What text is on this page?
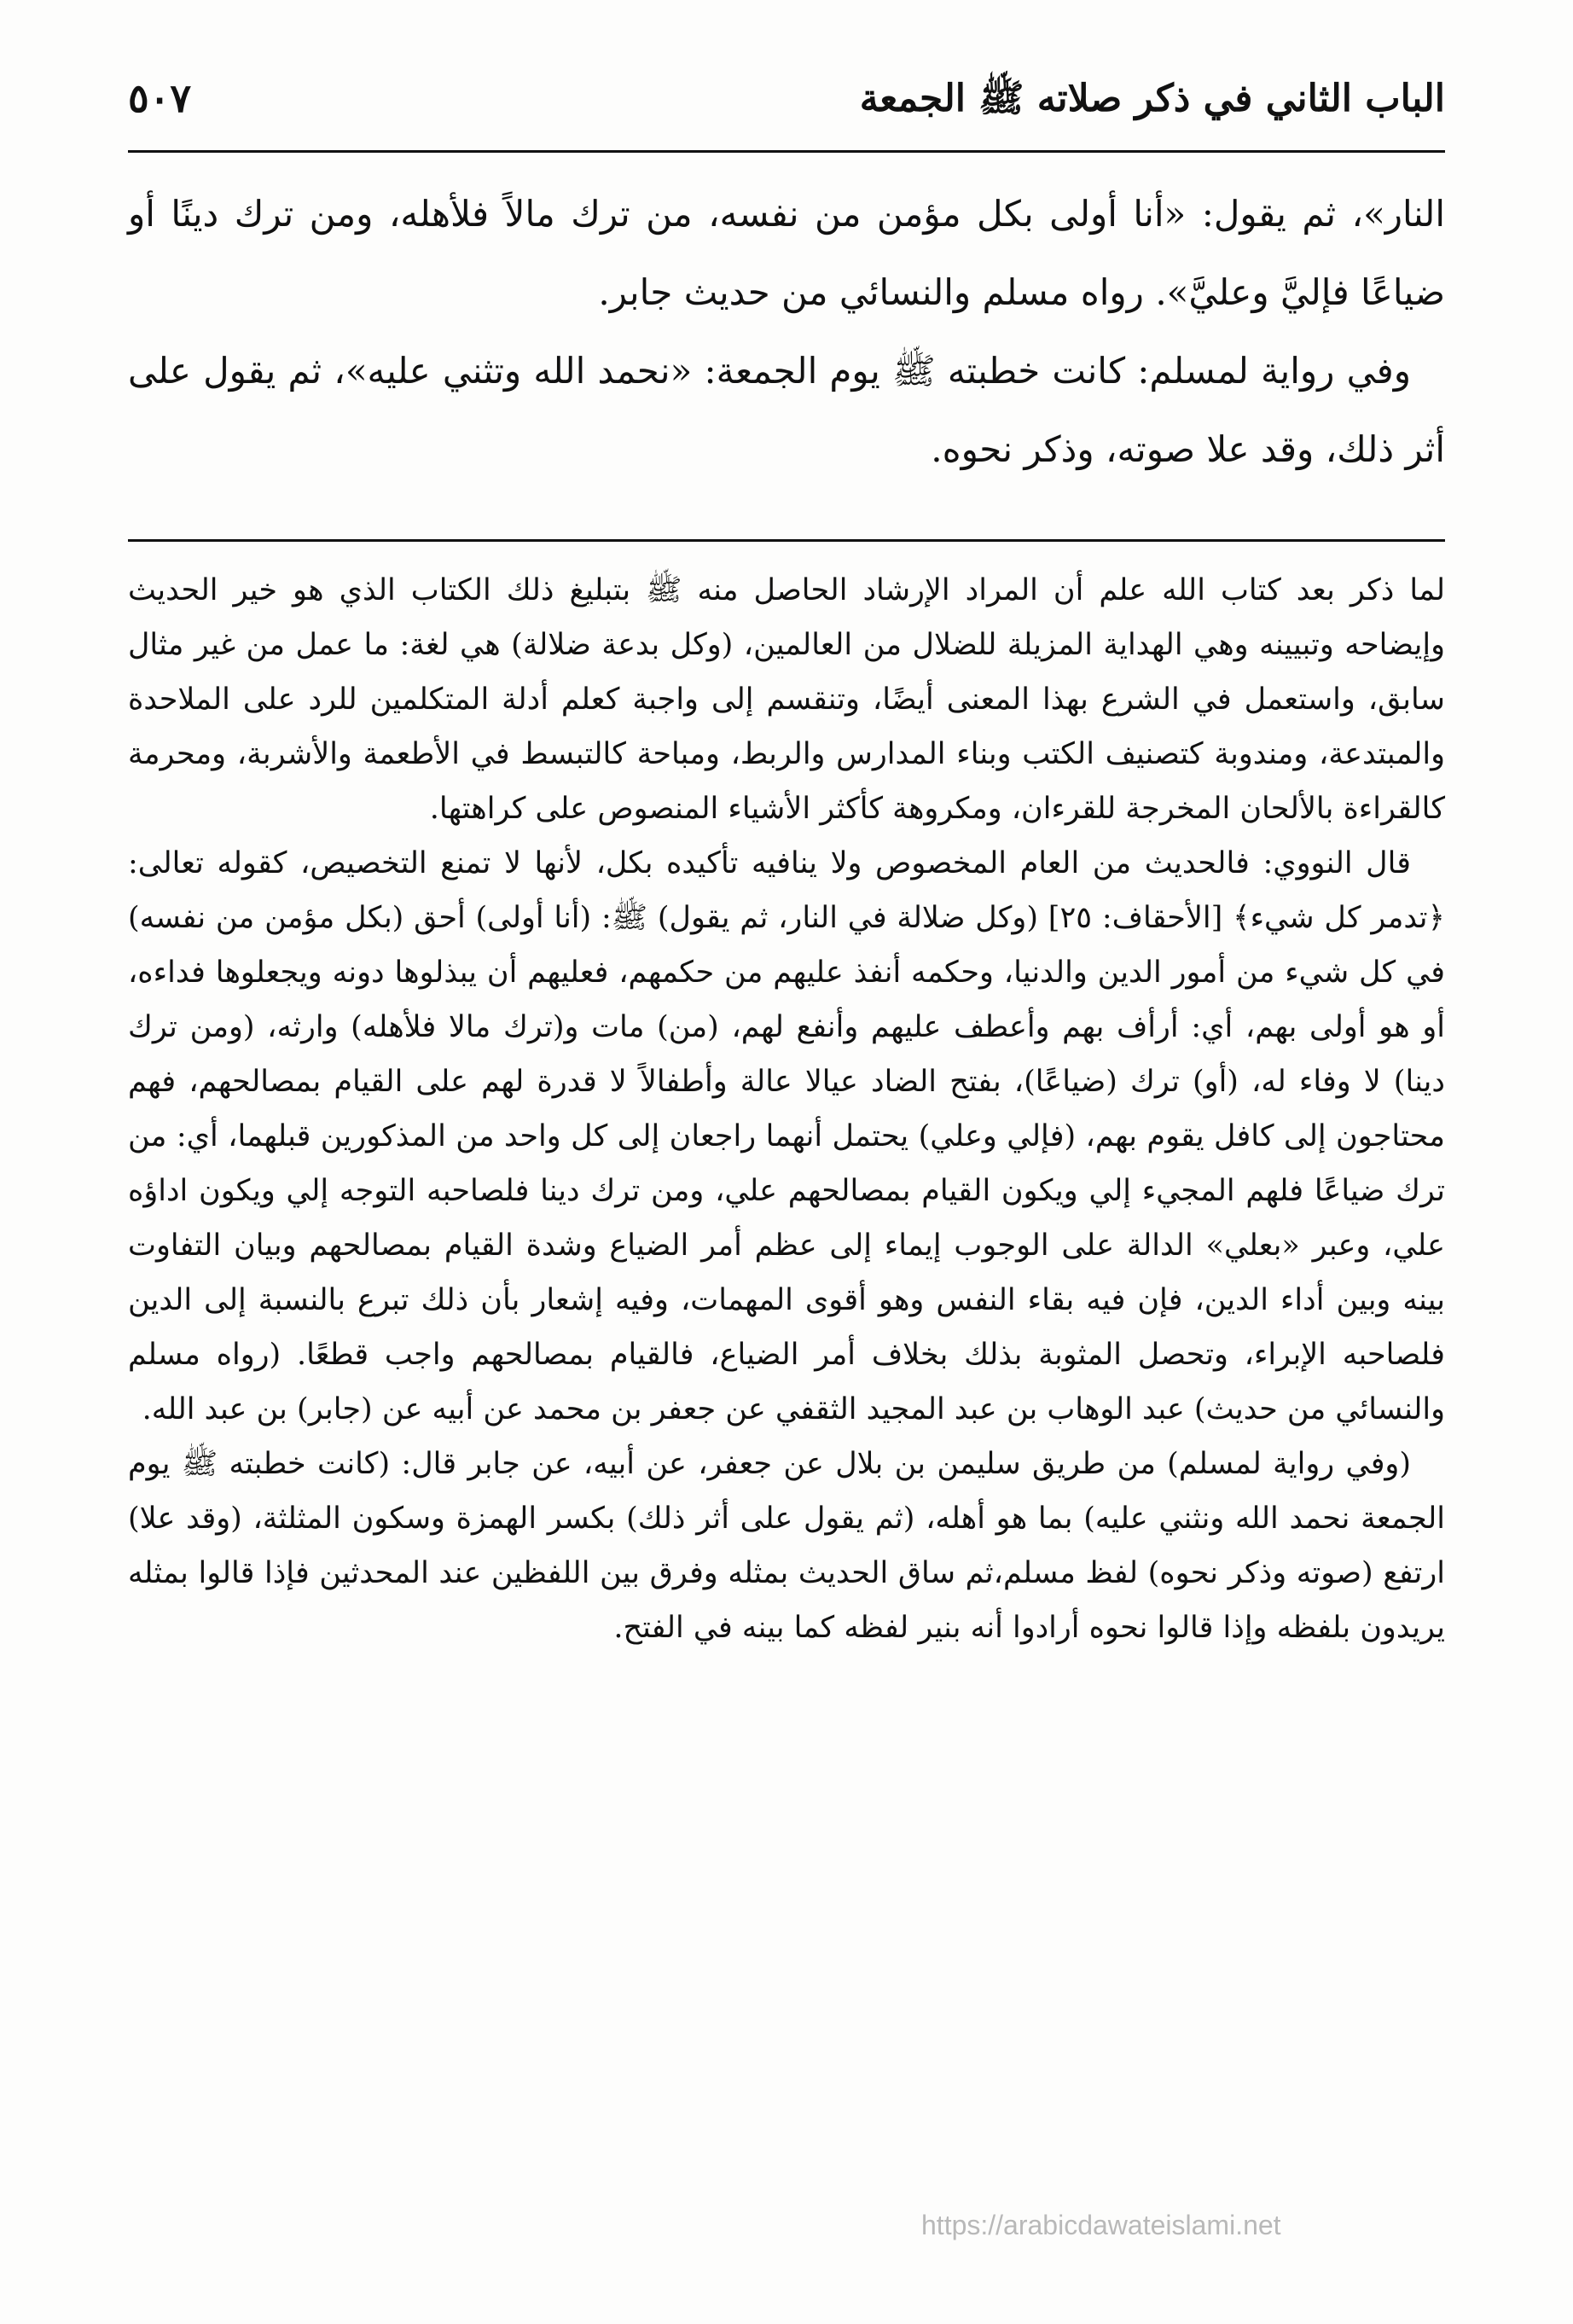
الباب الثاني في ذكر صلاته ﷺ الجمعة
٥٠٧

النار»، ثم يقول: «أنا أولى بكل مؤمن من نفسه، من ترك مالاً فلأهله، ومن ترك دينًا أو ضياعًا فإليَّ وعليَّ». رواه مسلم والنسائي من حديث جابر.

وفي رواية لمسلم: كانت خطبته ﷺ يوم الجمعة: «نحمد الله وتثني عليه»، ثم يقول على أثر ذلك، وقد علا صوته، وذكر نحوه.

لما ذكر بعد كتاب الله علم أن المراد الإرشاد الحاصل منه ﷺ بتبليغ ذلك الكتاب الذي هو خير الحديث وإيضاحه وتبيينه وهي الهداية المزيلة للضلال من العالمين، (وكل بدعة ضلالة) هي لغة: ما عمل من غير مثال سابق، واستعمل في الشرع بهذا المعنى أيضًا، وتنقسم إلى واجبة كعلم أدلة المتكلمين للرد على الملاحدة والمبتدعة، ومندوبة كتصنيف الكتب وبناء المدارس والربط، ومباحة كالتبسط في الأطعمة والأشربة، ومحرمة كالقراءة بالألحان المخرجة للقرءان، ومكروهة كأكثر الأشياء المنصوص على كراهتها.

قال النووي: فالحديث من العام المخصوص ولا ينافيه تأكيده بكل، لأنها لا تمنع التخصيص، كقوله تعالى: ﴿تدمر كل شيء﴾ [الأحقاف: ٢٥] (وكل ضلالة في النار، ثم يقول) ﷺ: (أنا أولى) أحق (بكل مؤمن من نفسه) في كل شيء من أمور الدين والدنيا، وحكمه أنفذ عليهم من حكمهم، فعليهم أن يبذلوها دونه ويجعلوها فداءه، أو هو أولى بهم، أي: أرأف بهم وأعطف عليهم وأنفع لهم، (من) مات و(ترك مالا فلأهله) وارثه، (ومن ترك دينا) لا وفاء له، (أو) ترك (ضياعًا)، بفتح الضاد عيالا عالة وأطفالاً لا قدرة لهم على القيام بمصالحهم، فهم محتاجون إلى كافل يقوم بهم، (فإلي وعلي) يحتمل أنهما راجعان إلى كل واحد من المذكورين قبلهما، أي: من ترك ضياعًا فلهم المجيء إلي ويكون القيام بمصالحهم علي، ومن ترك دينا فلصاحبه التوجه إلي ويكون اداؤه علي، وعبر «بعلي» الدالة على الوجوب إيماء إلى عظم أمر الضياع وشدة القيام بمصالحهم وبيان التفاوت بينه وبين أداء الدين، فإن فيه بقاء النفس وهو أقوى المهمات، وفيه إشعار بأن ذلك تبرع بالنسبة إلى الدين فلصاحبه الإبراء، وتحصل المثوبة بذلك بخلاف أمر الضياع، فالقيام بمصالحهم واجب قطعًا. (رواه مسلم والنسائي من حديث) عبد الوهاب بن عبد المجيد الثقفي عن جعفر بن محمد عن أبيه عن (جابر) بن عبد الله.

(وفي رواية لمسلم) من طريق سليمن بن بلال عن جعفر، عن أبيه، عن جابر قال: (كانت خطبته ﷺ يوم الجمعة نحمد الله ونثني عليه) بما هو أهله، (ثم يقول على أثر ذلك) بكسر الهمزة وسكون المثلثة، (وقد علا) ارتفع (صوته وذكر نحوه) لفظ مسلم،ثم ساق الحديث بمثله وفرق بين اللفظين عند المحدثين فإذا قالوا بمثله يريدون بلفظه وإذا قالوا نحوه أرادوا أنه بنير لفظه كما بينه في الفتح.

https://arabicdawateislami.net
